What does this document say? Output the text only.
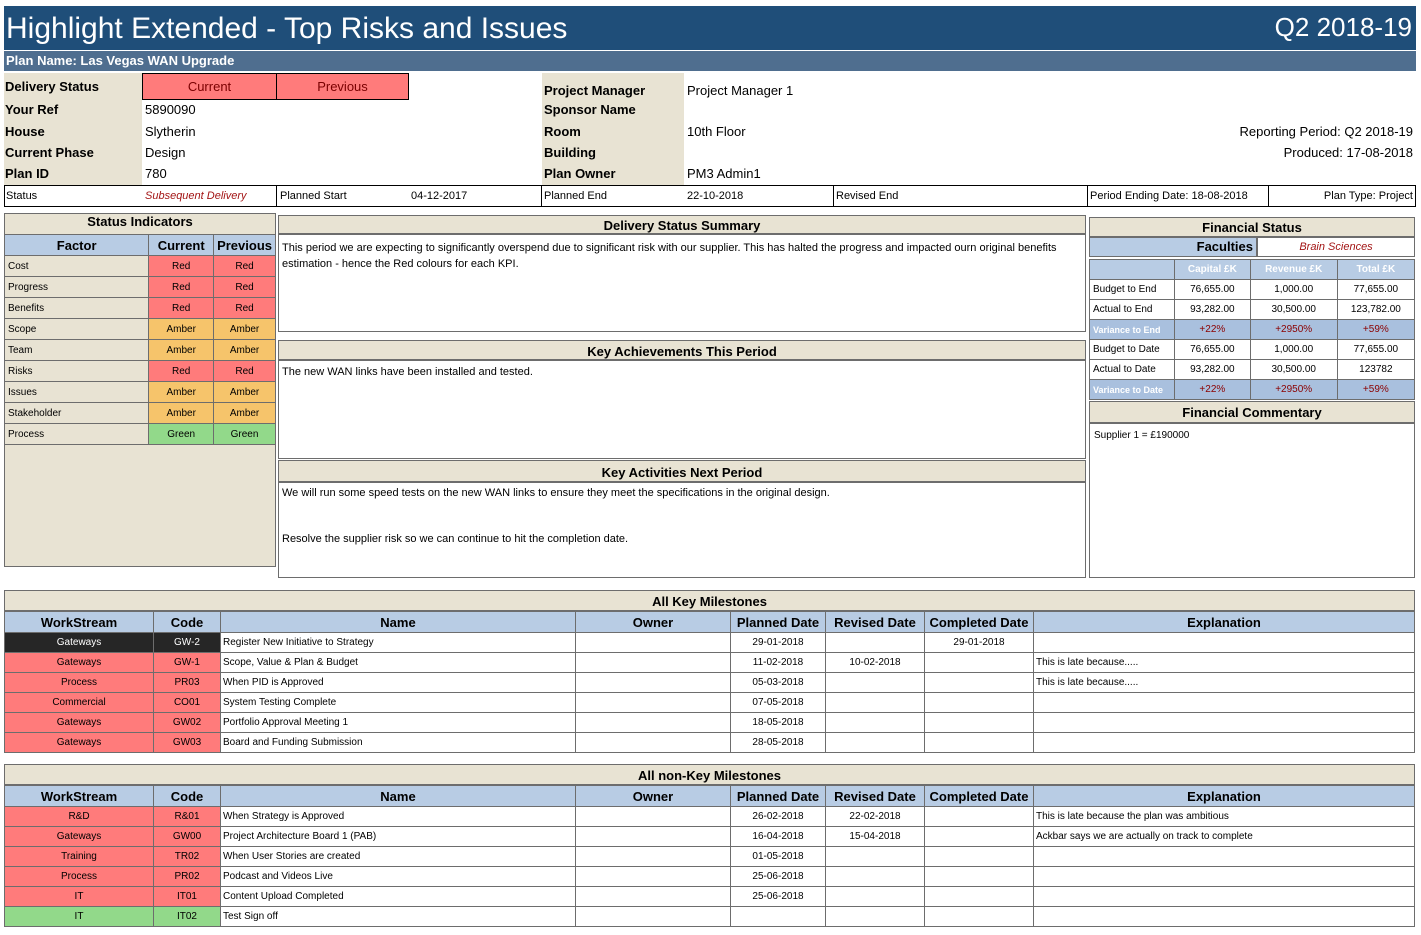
Highlight Extended - Top Risks and Issues	Q2 2018-19
Plan Name: Las Vegas WAN Upgrade
Delivery Status	Current	Previous
Your Ref	5890090
House	Slytherin
Current Phase	Design
Plan ID	780
Project Manager	Project Manager 1
Sponsor Name
Room	10th Floor
Building
Plan Owner	PM3 Admin1
Reporting Period: Q2 2018-19
Produced: 17-08-2018
Status	Subsequent Delivery	Planned Start	04-12-2017	Planned End	22-10-2018	Revised End	Period Ending Date: 18-08-2018	Plan Type: Project
Status Indicators
Factor	Current	Previous
Cost	Red	Red
Progress	Red	Red
Benefits	Red	Red
Scope	Amber	Amber
Team	Amber	Amber
Risks	Red	Red
Issues	Amber	Amber
Stakeholder	Amber	Amber
Process	Green	Green
Delivery Status Summary
This period we are expecting to significantly overspend due to significant risk with our supplier. This has halted the progress and impacted ourn original benefits estimation - hence the Red colours for each KPI.
Key Achievements This Period
The new WAN links have been installed and tested.
Key Activities Next Period
We will run some speed tests on the new WAN links to ensure they meet the specifications in the original design.
Resolve the supplier risk so we can continue to hit the completion date.
Financial Status
Faculties	Brain Sciences
	Capital £K	Revenue £K	Total £K
Budget to End	76,655.00	1,000.00	77,655.00
Actual to End	93,282.00	30,500.00	123,782.00
Variance to End	+22%	+2950%	+59%
Budget to Date	76,655.00	1,000.00	77,655.00
Actual to Date	93,282.00	30,500.00	123782
Variance to Date	+22%	+2950%	+59%
Financial Commentary
Supplier 1 = £190000
All Key Milestones
WorkStream	Code	Name	Owner	Planned Date	Revised Date	Completed Date	Explanation
Gateways	GW-2	Register New Initiative to Strategy		29-01-2018		29-01-2018	
Gateways	GW-1	Scope, Value & Plan & Budget		11-02-2018	10-02-2018		This is late because.....
Process	PR03	When PID is Approved		05-03-2018			This is late because.....
Commercial	CO01	System Testing Complete		07-05-2018			
Gateways	GW02	Portfolio Approval Meeting 1		18-05-2018			
Gateways	GW03	Board and Funding Submission		28-05-2018			
All non-Key Milestones
WorkStream	Code	Name	Owner	Planned Date	Revised Date	Completed Date	Explanation
R&D	R&01	When Strategy is Approved		26-02-2018	22-02-2018		This is late because the plan was ambitious
Gateways	GW00	Project Architecture Board 1 (PAB)		16-04-2018	15-04-2018		Ackbar says we are actually on track to complete
Training	TR02	When User Stories are created		01-05-2018			
Process	PR02	Podcast and Videos Live		25-06-2018			
IT	IT01	Content Upload Completed		25-06-2018			
IT	IT02	Test Sign off					
